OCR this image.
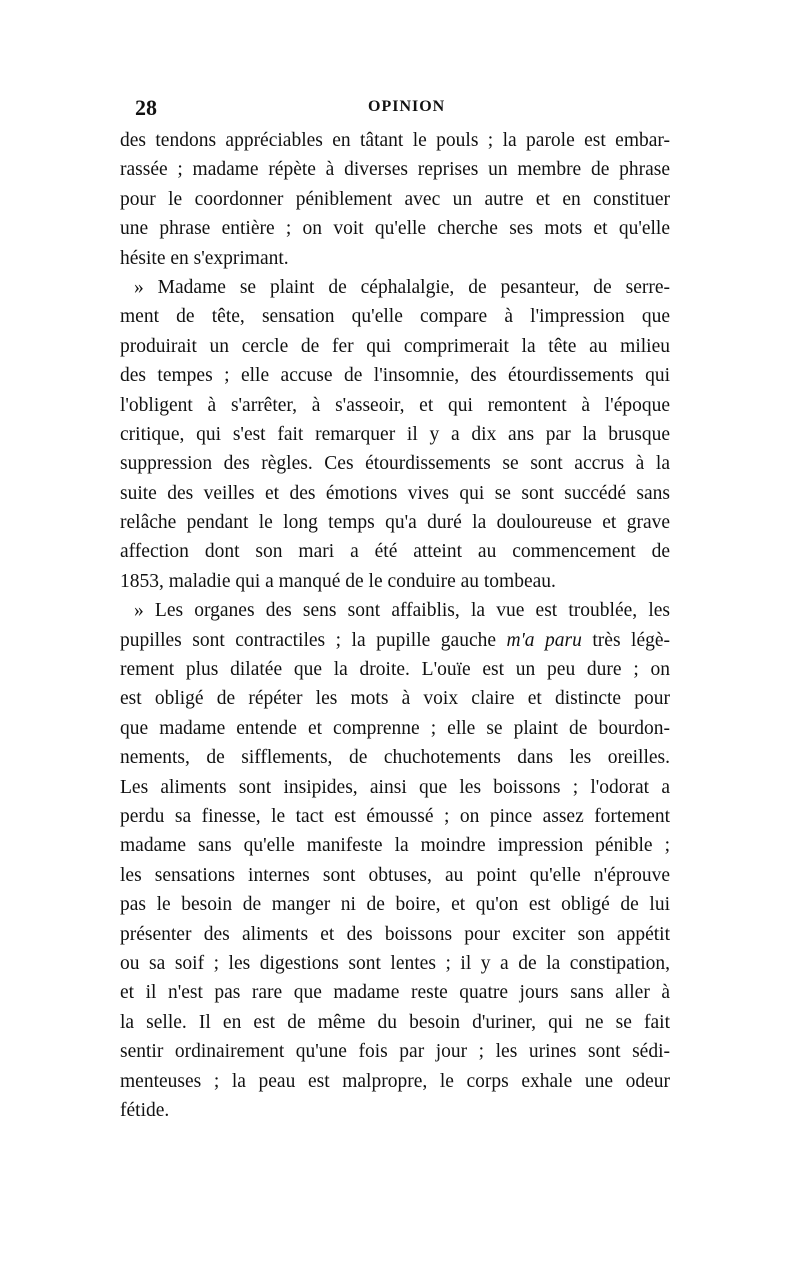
28	OPINION
des tendons appréciables en tâtant le pouls ; la parole est embar-
rassée ; madame répète à diverses reprises un membre de phrase
pour le coordonner péniblement avec un autre et en constituer
une phrase entière ; on voit qu'elle cherche ses mots et qu'elle
hésite en s'exprimant.
» Madame se plaint de céphalalgie, de pesanteur, de serre-
ment de tête, sensation qu'elle compare à l'impression que
produirait un cercle de fer qui comprimerait la tête au milieu
des tempes ; elle accuse de l'insomnie, des étourdissements qui
l'obligent à s'arrêter, à s'asseoir, et qui remontent à l'époque
critique, qui s'est fait remarquer il y a dix ans par la brusque
suppression des règles. Ces étourdissements se sont accrus à la
suite des veilles et des émotions vives qui se sont succédé sans
relâche pendant le long temps qu'a duré la douloureuse et grave
affection dont son mari a été atteint au commencement de
1853, maladie qui a manqué de le conduire au tombeau.
» Les organes des sens sont affaiblis, la vue est troublée, les
pupilles sont contractiles ; la pupille gauche m'a paru très légè-
rement plus dilatée que la droite. L'ouïe est un peu dure ; on
est obligé de répéter les mots à voix claire et distincte pour
que madame entende et comprenne ; elle se plaint de bourdon-
nements, de sifflements, de chuchotements dans les oreilles.
Les aliments sont insipides, ainsi que les boissons ; l'odorat a
perdu sa finesse, le tact est émoussé ; on pince assez fortement
madame sans qu'elle manifeste la moindre impression pénible ;
les sensations internes sont obtuses, au point qu'elle n'éprouve
pas le besoin de manger ni de boire, et qu'on est obligé de lui
présenter des aliments et des boissons pour exciter son appétit
ou sa soif ; les digestions sont lentes ; il y a de la constipation,
et il n'est pas rare que madame reste quatre jours sans aller à
la selle. Il en est de même du besoin d'uriner, qui ne se fait
sentir ordinairement qu'une fois par jour ; les urines sont sédi-
menteuses ; la peau est malpropre, le corps exhale une odeur
fétide.
